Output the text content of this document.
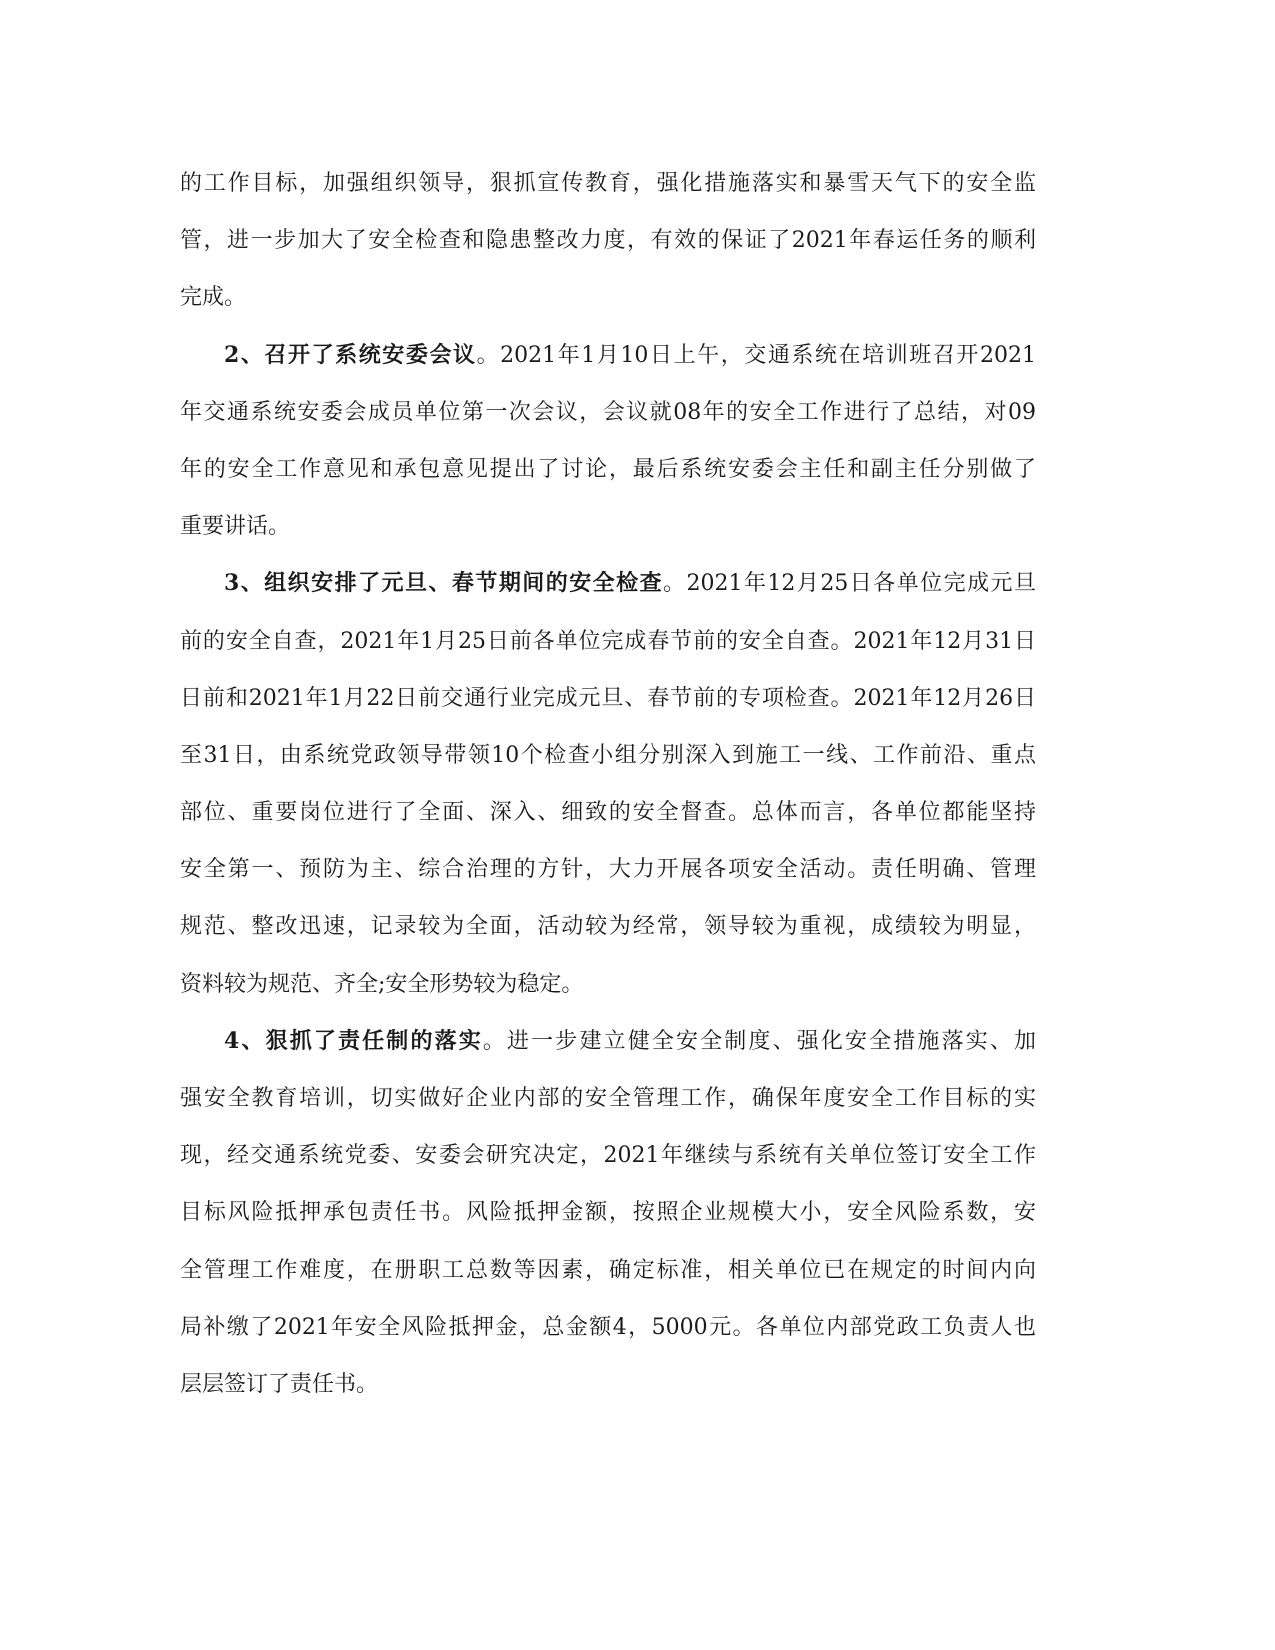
的工作目标，加强组织领导，狠抓宣传教育，强化措施落实和暴雪天气下的安全监
管，进一步加大了安全检查和隐患整改力度，有效的保证了2021年春运任务的顺利
完成。
2、召开了系统安委会议。2021年1月10日上午，交通系统在培训班召开2021
年交通系统安委会成员单位第一次会议，会议就08年的安全工作进行了总结，对09
年的安全工作意见和承包意见提出了讨论，最后系统安委会主任和副主任分别做了
重要讲话。
3、组织安排了元旦、春节期间的安全检查。2021年12月25日各单位完成元旦
前的安全自查，2021年1月25日前各单位完成春节前的安全自查。2021年12月31日
日前和2021年1月22日前交通行业完成元旦、春节前的专项检查。2021年12月26日
至31日，由系统党政领导带领10个检查小组分别深入到施工一线、工作前沿、重点
部位、重要岗位进行了全面、深入、细致的安全督查。总体而言，各单位都能坚持
安全第一、预防为主、综合治理的方针，大力开展各项安全活动。责任明确、管理
规范、整改迅速，记录较为全面，活动较为经常，领导较为重视，成绩较为明显，
资料较为规范、齐全;安全形势较为稳定。
4、狠抓了责任制的落实。进一步建立健全安全制度、强化安全措施落实、加
强安全教育培训，切实做好企业内部的安全管理工作，确保年度安全工作目标的实
现，经交通系统党委、安委会研究决定，2021年继续与系统有关单位签订安全工作
目标风险抵押承包责任书。风险抵押金额，按照企业规模大小，安全风险系数，安
全管理工作难度，在册职工总数等因素，确定标准，相关单位已在规定的时间内向
局补缴了2021年安全风险抵押金，总金额4，5000元。各单位内部党政工负责人也
层层签订了责任书。
